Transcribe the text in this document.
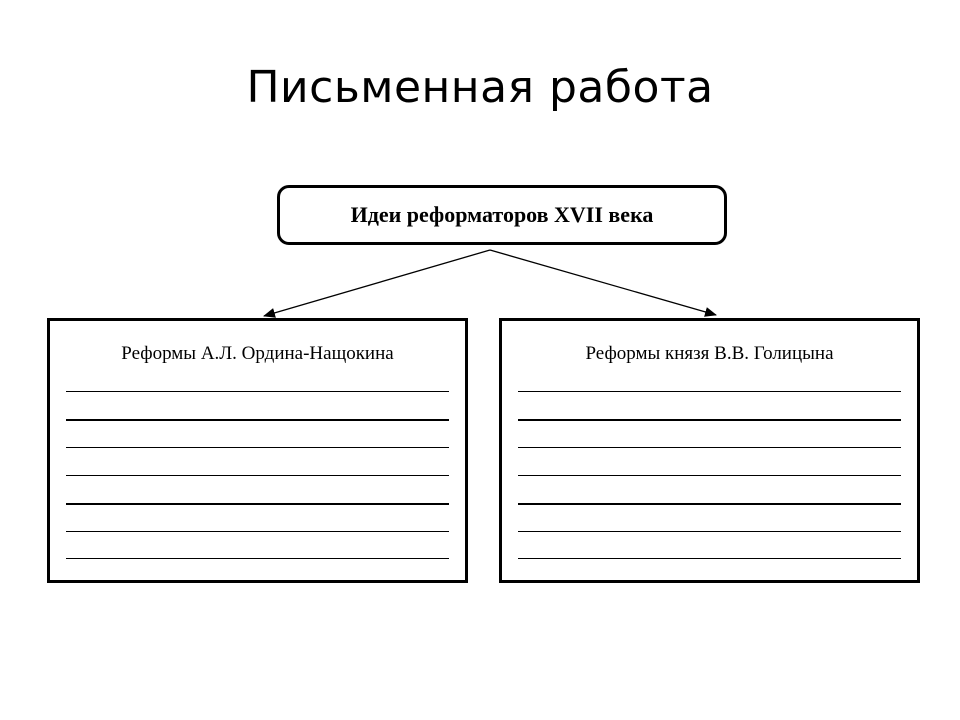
Письменная работа
Идеи реформаторов XVII века
Реформы А.Л. Ордина-Нащокина	Реформы князя В.В. Голицына
